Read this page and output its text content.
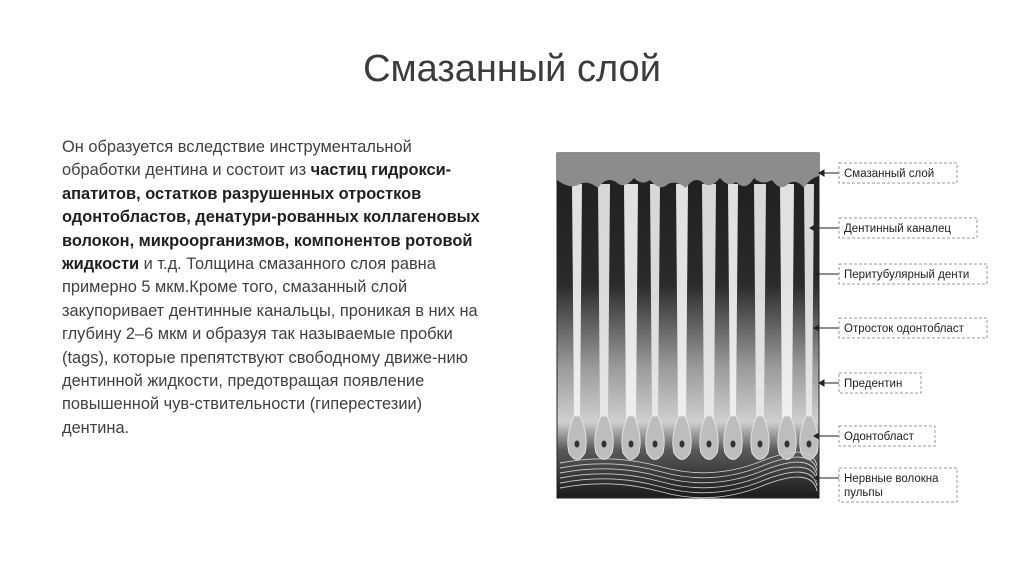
Смазанный слой
Он образуется вследствие инструментальной обработки дентина и состоит из частиц гидрокси-апатитов, остатков разрушенных отростков одонтобластов, денатури-рованных коллагеновых волокон, микроорганизмов, компонентов ротовой жидкости и т.д. Толщина смазанного слоя равна примерно 5 мкм.Кроме того, смазанный слой закупоривает дентинные канальцы, проникая в них на глубину 2–6 мкм и образуя так называемые пробки (tags), которые препятствуют свободному движе-нию дентинной жидкости, предотвращая появление повышенной чув-ствительности (гиперестезии) дентина.
Смазанный слой
Дентинный каналец
Перитубулярный денти
Отросток одонтобласт
Предентин
Одонтобласт
Нервные волокна пульпы
